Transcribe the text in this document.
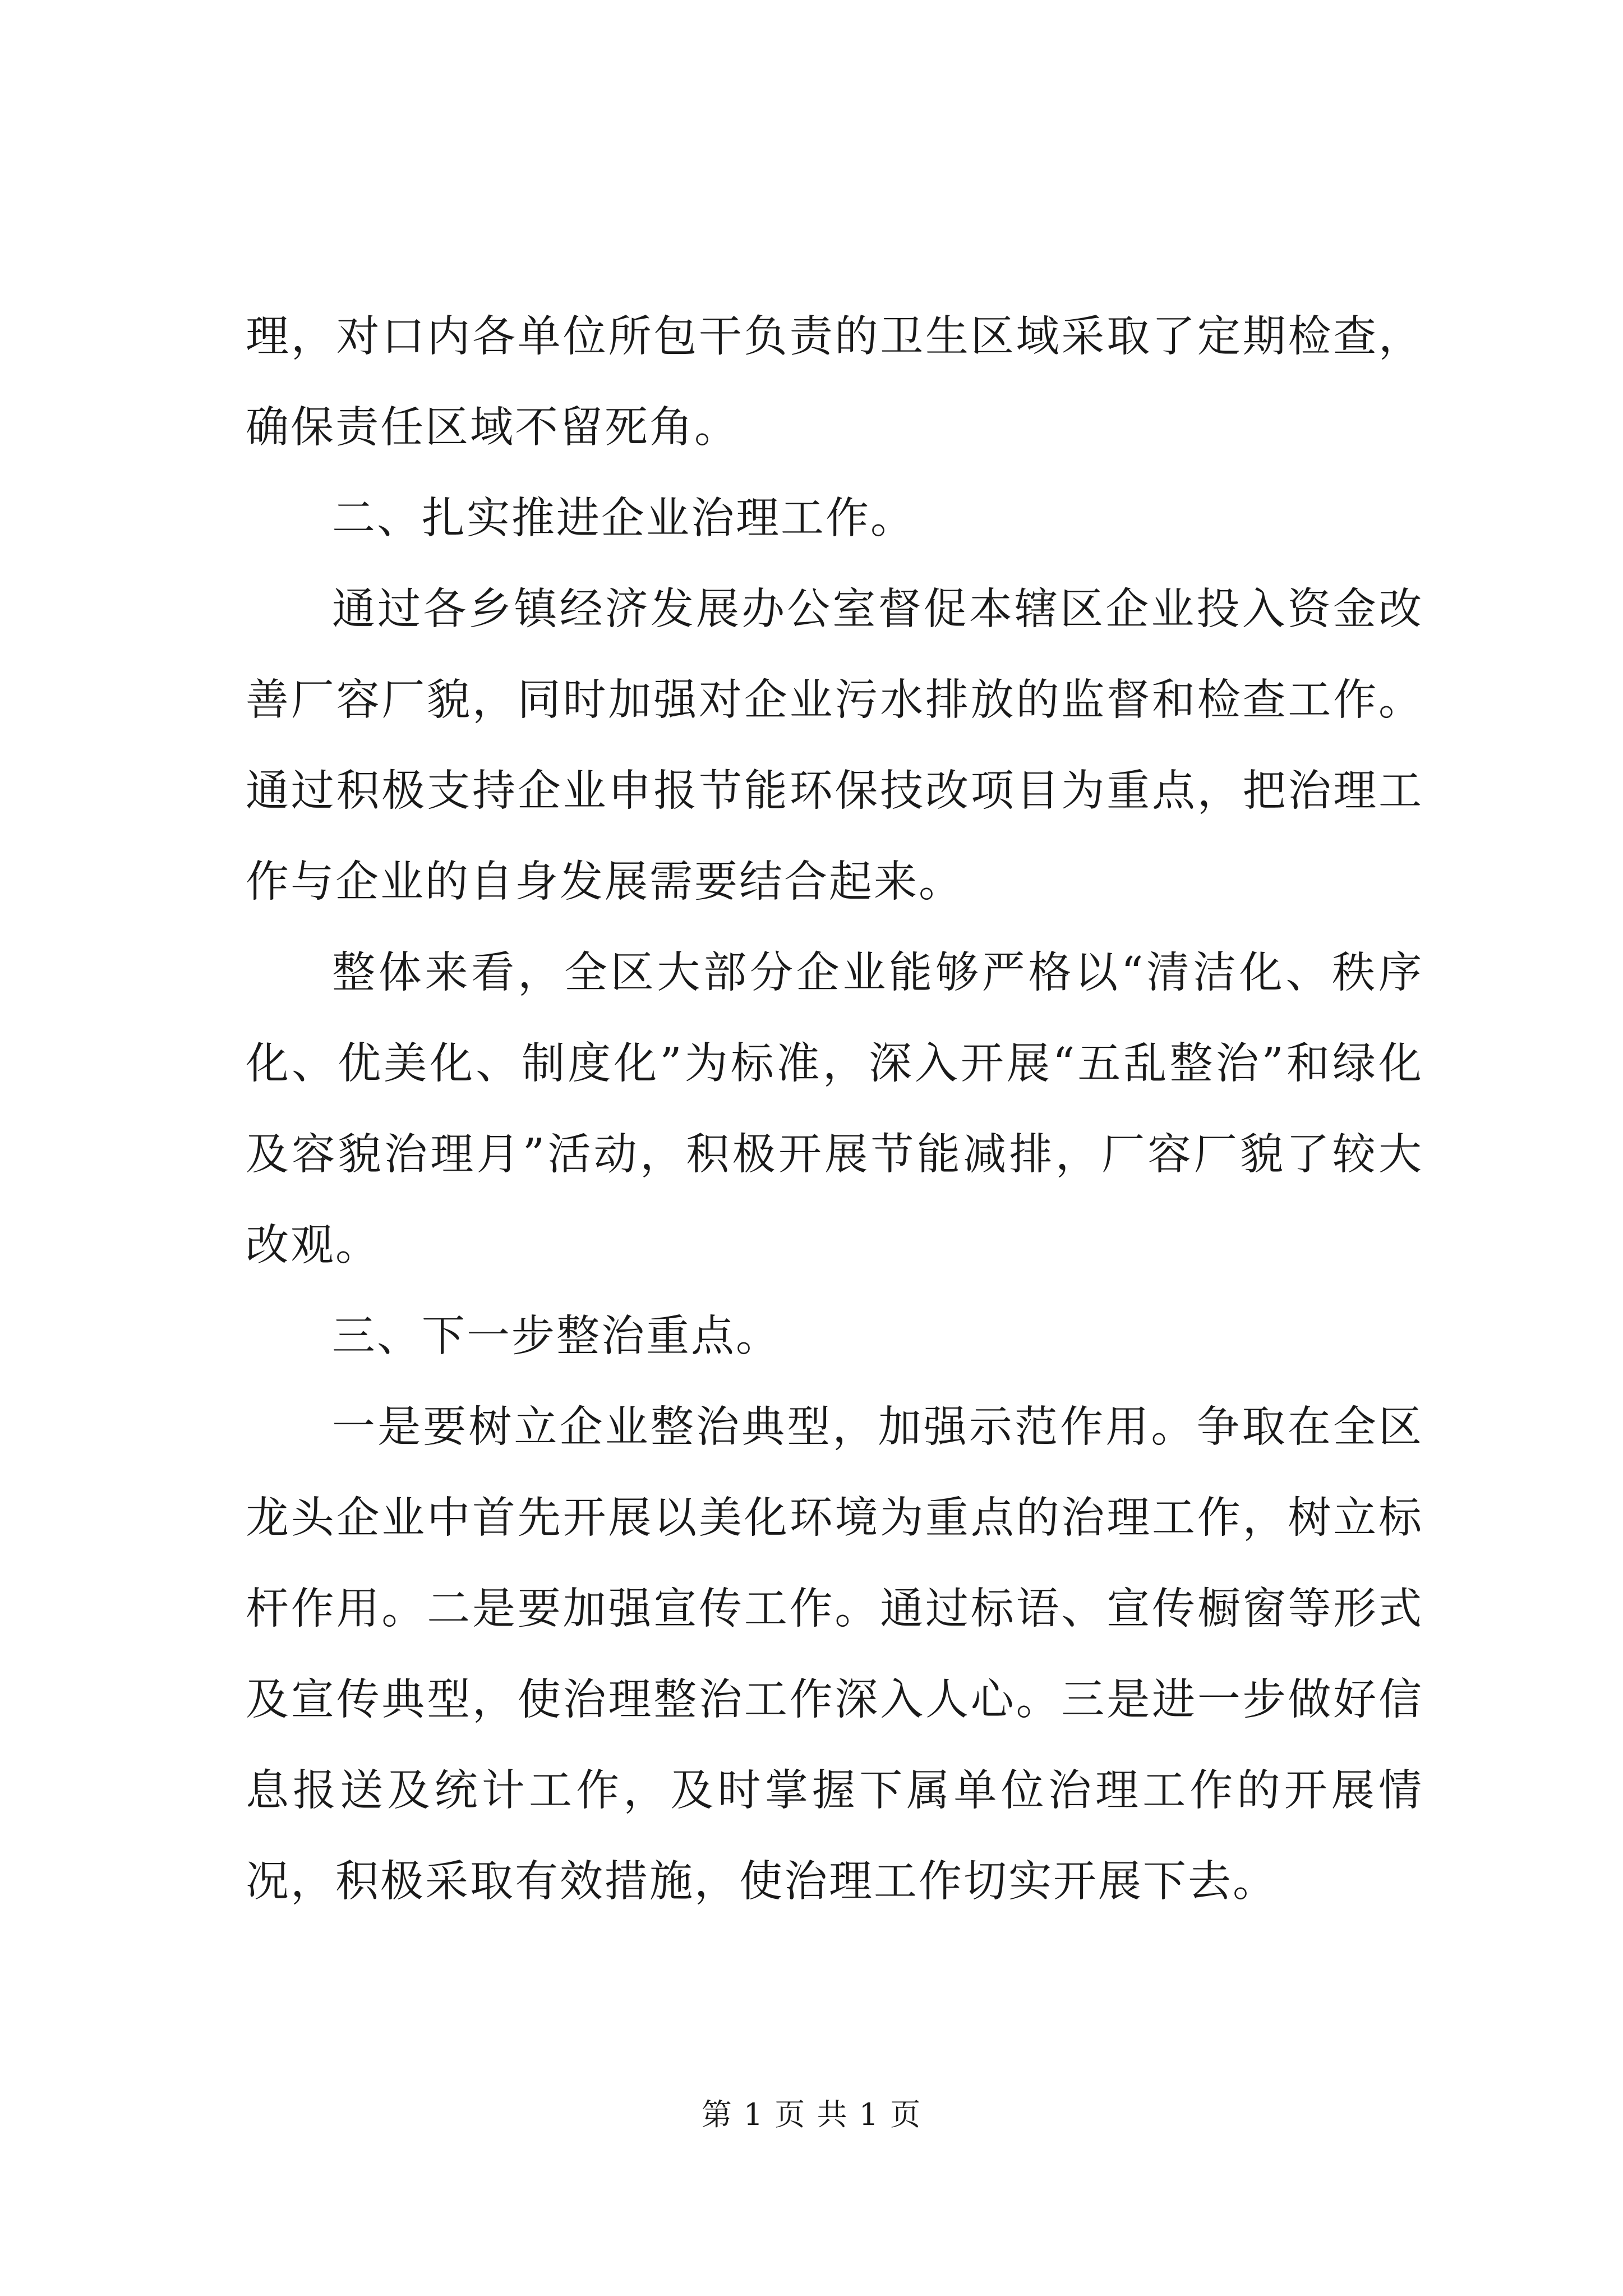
理，对口内各单位所包干负责的卫生区域采取了定期检查，确保责任区域不留死角。

二、扎实推进企业治理工作。

通过各乡镇经济发展办公室督促本辖区企业投入资金改善厂容厂貌，同时加强对企业污水排放的监督和检查工作。通过积极支持企业申报节能环保技改项目为重点，把治理工作与企业的自身发展需要结合起来。

整体来看，全区大部分企业能够严格以“清洁化、秩序化、优美化、制度化”为标准，深入开展“五乱整治”和绿化及容貌治理月”活动，积极开展节能减排，厂容厂貌了较大改观。

三、下一步整治重点。

一是要树立企业整治典型，加强示范作用。争取在全区龙头企业中首先开展以美化环境为重点的治理工作，树立标杆作用。二是要加强宣传工作。通过标语、宣传橱窗等形式及宣传典型，使治理整治工作深入人心。三是进一步做好信息报送及统计工作，及时掌握下属单位治理工作的开展情况，积极采取有效措施，使治理工作切实开展下去。

第 1 页 共 1 页
